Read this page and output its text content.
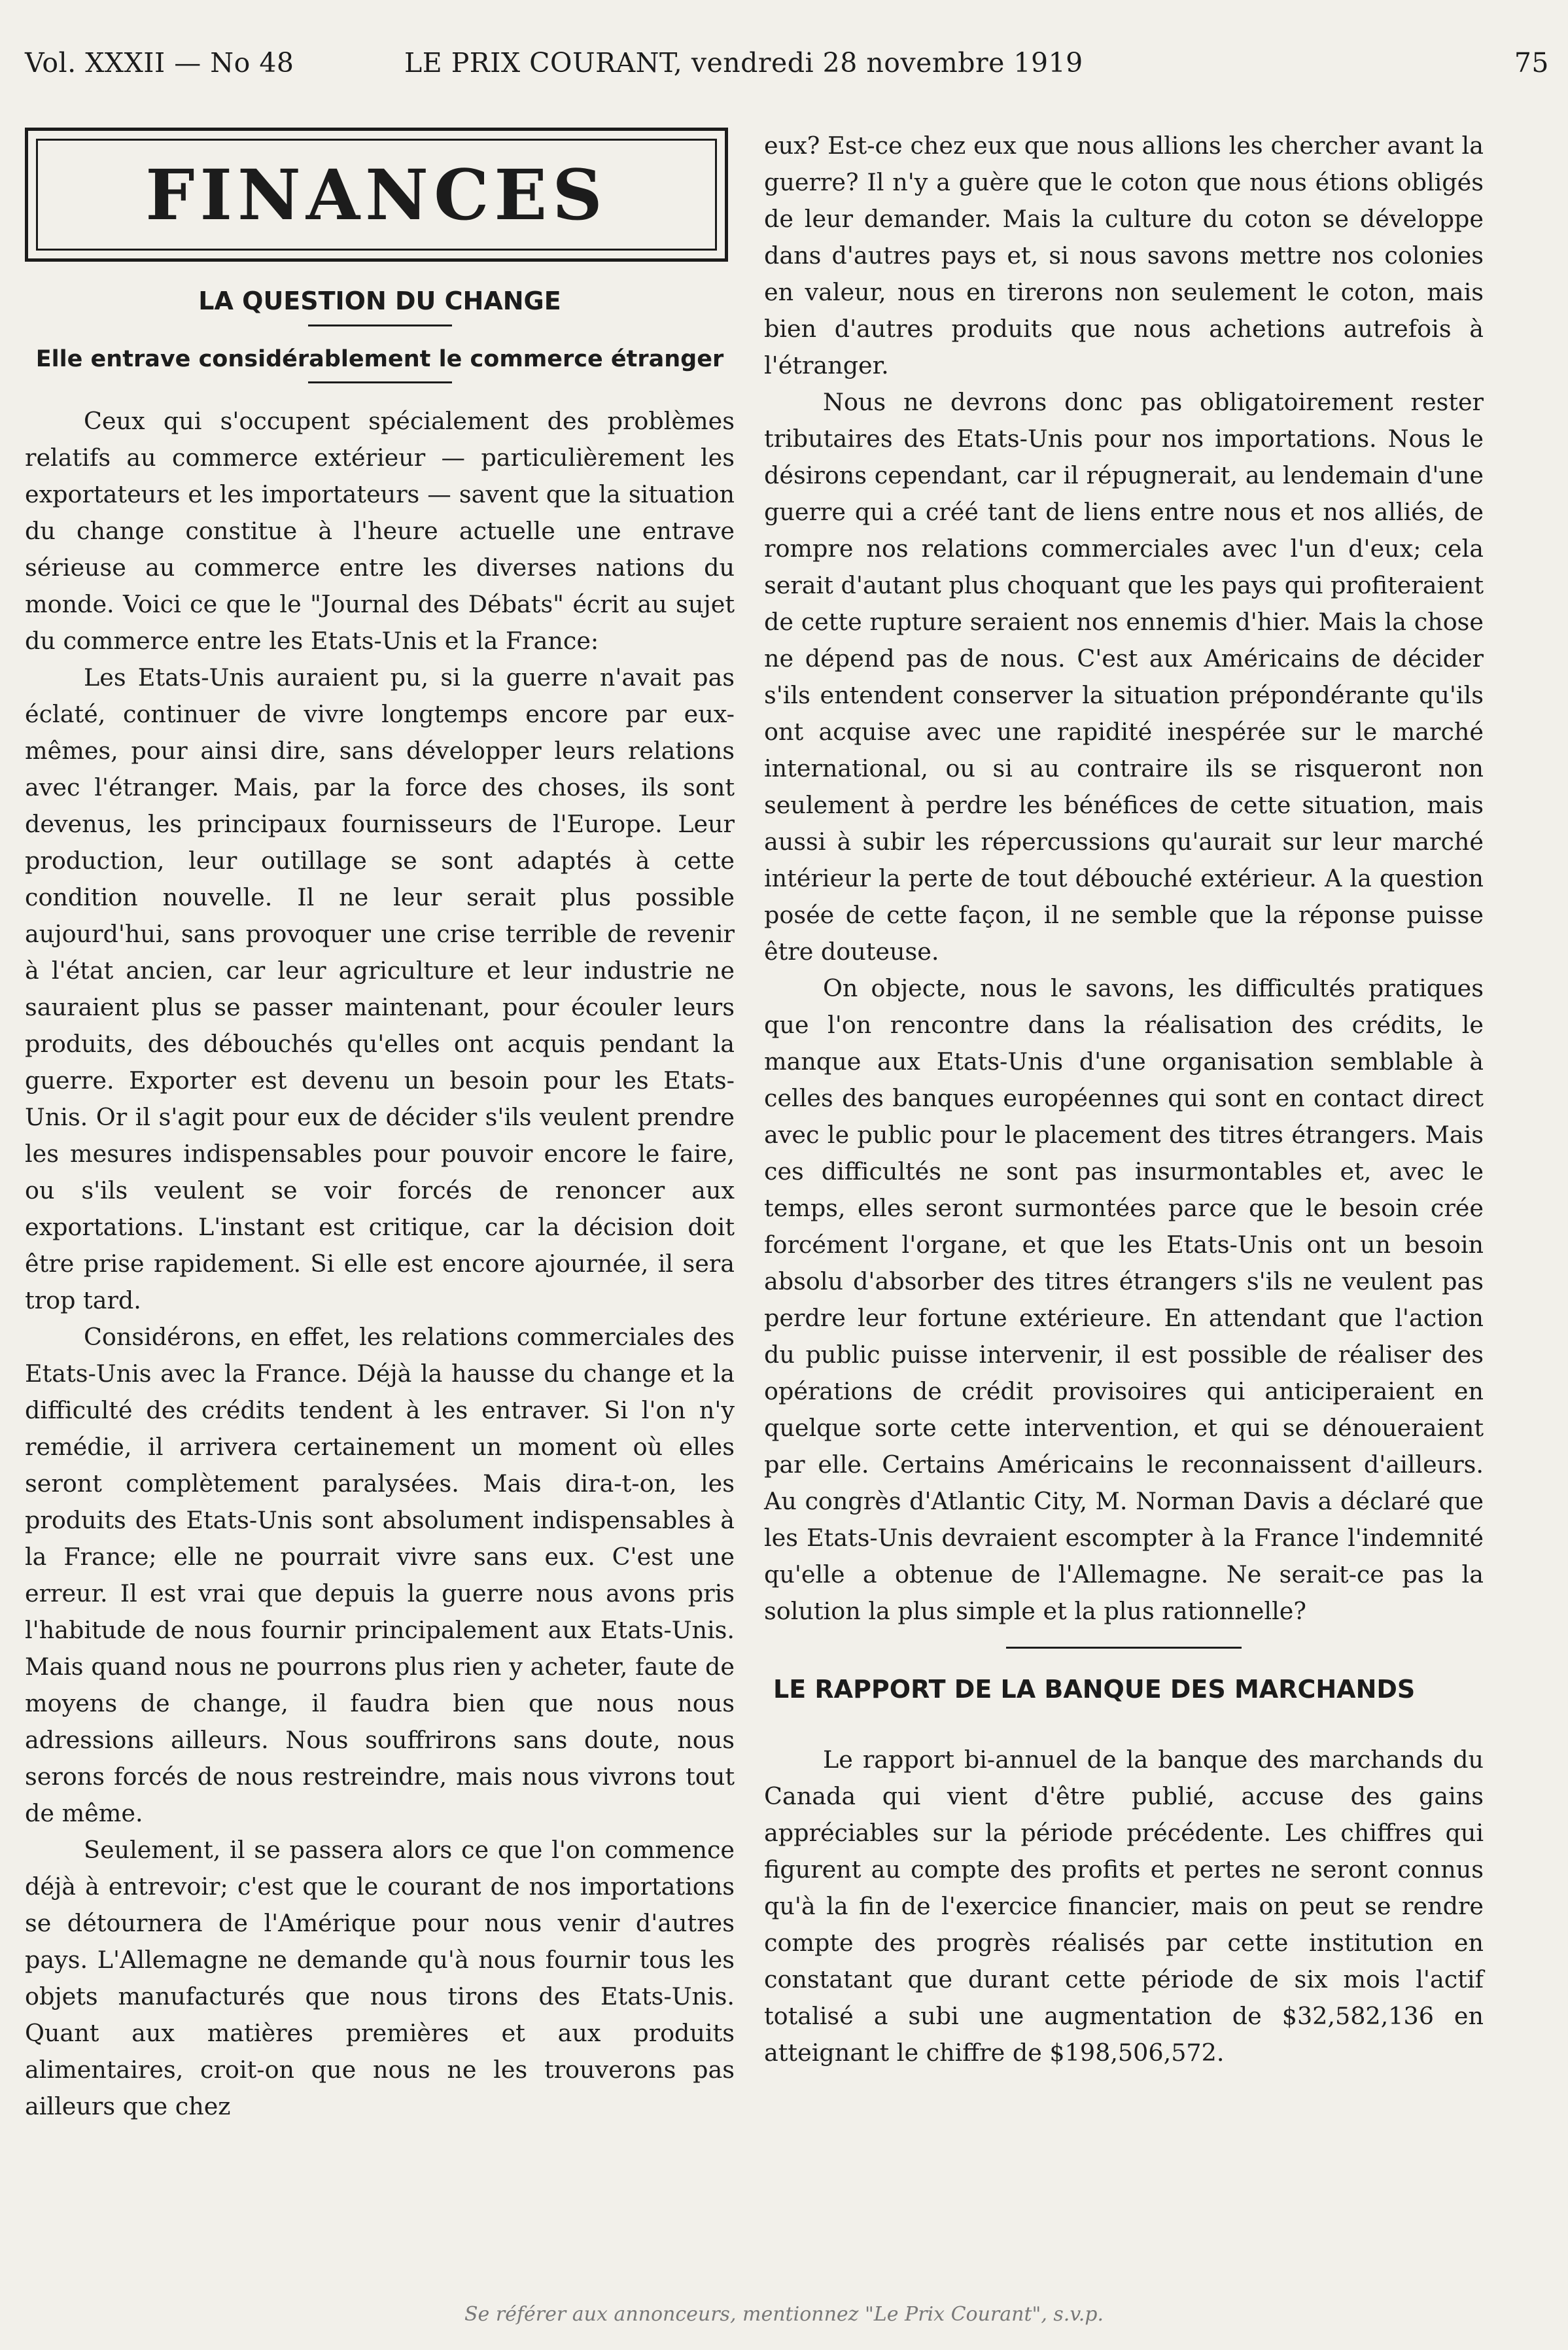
Vol. XXXII — No 48	LE PRIX COURANT, vendredi 28 novembre 1919	75
FINANCES
LA QUESTION DU CHANGE
Elle entrave considérablement le commerce étranger

Ceux qui s'occupent spécialement des problèmes relatifs au commerce extérieur — particulièrement les exportateurs et les importateurs — savent que la situation du change constitue à l'heure actuelle une entrave sérieuse au commerce entre les diverses nations du monde. Voici ce que le "Journal des Débats" écrit au sujet du commerce entre les Etats-Unis et la France:

Les Etats-Unis auraient pu, si la guerre n'avait pas éclaté, continuer de vivre longtemps encore par eux-mêmes, pour ainsi dire, sans développer leurs relations avec l'étranger. Mais, par la force des choses, ils sont devenus, les principaux fournisseurs de l'Europe. Leur production, leur outillage se sont adaptés à cette condition nouvelle. Il ne leur serait plus possible aujourd'hui, sans provoquer une crise terrible de revenir à l'état ancien, car leur agriculture et leur industrie ne sauraient plus se passer maintenant, pour écouler leurs produits, des débouchés qu'elles ont acquis pendant la guerre. Exporter est devenu un besoin pour les Etats-Unis. Or il s'agit pour eux de décider s'ils veulent prendre les mesures indispensables pour pouvoir encore le faire, ou s'ils veulent se voir forcés de renoncer aux exportations. L'instant est critique, car la décision doit être prise rapidement. Si elle est encore ajournée, il sera trop tard.

Considérons, en effet, les relations commerciales des Etats-Unis avec la France. Déjà la hausse du change et la difficulté des crédits tendent à les entraver. Si l'on n'y remédie, il arrivera certainement un moment où elles seront complètement paralysées. Mais dira-t-on, les produits des Etats-Unis sont absolument indispensables à la France; elle ne pourrait vivre sans eux. C'est une erreur. Il est vrai que depuis la guerre nous avons pris l'habitude de nous fournir principalement aux Etats-Unis. Mais quand nous ne pourrons plus rien y acheter, faute de moyens de change, il faudra bien que nous nous adressions ailleurs. Nous souffrirons sans doute, nous serons forcés de nous restreindre, mais nous vivrons tout de même.

Seulement, il se passera alors ce que l'on commence déjà à entrevoir; c'est que le courant de nos importations se détournera de l'Amérique pour nous venir d'autres pays. L'Allemagne ne demande qu'à nous fournir tous les objets manufacturés que nous tirons des Etats-Unis. Quant aux matières premières et aux produits alimentaires, croit-on que nous ne les trouverons pas ailleurs que chez

eux? Est-ce chez eux que nous allions les chercher avant la guerre? Il n'y a guère que le coton que nous étions obligés de leur demander. Mais la culture du coton se développe dans d'autres pays et, si nous savons mettre nos colonies en valeur, nous en tirerons non seulement le coton, mais bien d'autres produits que nous achetions autrefois à l'étranger.

Nous ne devrons donc pas obligatoirement rester tributaires des Etats-Unis pour nos importations. Nous le désirons cependant, car il répugnerait, au lendemain d'une guerre qui a créé tant de liens entre nous et nos alliés, de rompre nos relations commerciales avec l'un d'eux; cela serait d'autant plus choquant que les pays qui profiteraient de cette rupture seraient nos ennemis d'hier. Mais la chose ne dépend pas de nous. C'est aux Américains de décider s'ils entendent conserver la situation prépondérante qu'ils ont acquise avec une rapidité inespérée sur le marché international, ou si au contraire ils se risqueront non seulement à perdre les bénéfices de cette situation, mais aussi à subir les répercussions qu'aurait sur leur marché intérieur la perte de tout débouché extérieur. A la question posée de cette façon, il ne semble que la réponse puisse être douteuse.

On objecte, nous le savons, les difficultés pratiques que l'on rencontre dans la réalisation des crédits, le manque aux Etats-Unis d'une organisation semblable à celles des banques européennes qui sont en contact direct avec le public pour le placement des titres étrangers. Mais ces difficultés ne sont pas insurmontables et, avec le temps, elles seront surmontées parce que le besoin crée forcément l'organe, et que les Etats-Unis ont un besoin absolu d'absorber des titres étrangers s'ils ne veulent pas perdre leur fortune extérieure. En attendant que l'action du public puisse intervenir, il est possible de réaliser des opérations de crédit provisoires qui anticiperaient en quelque sorte cette intervention, et qui se dénoueraient par elle. Certains Américains le reconnaissent d'ailleurs. Au congrès d'Atlantic City, M. Norman Davis a déclaré que les Etats-Unis devraient escompter à la France l'indemnité qu'elle a obtenue de l'Allemagne. Ne serait-ce pas la solution la plus simple et la plus rationnelle?

LE RAPPORT DE LA BANQUE DES MARCHANDS

Le rapport bi-annuel de la banque des marchands du Canada qui vient d'être publié, accuse des gains appréciables sur la période précédente. Les chiffres qui figurent au compte des profits et pertes ne seront connus qu'à la fin de l'exercice financier, mais on peut se rendre compte des progrès réalisés par cette institution en constatant que durant cette période de six mois l'actif totalisé a subi une augmentation de $32,582,136 en atteignant le chiffre de $198,506,572.

Se référer aux annonceurs, mentionnez "Le Prix Courant", s.v.p.
